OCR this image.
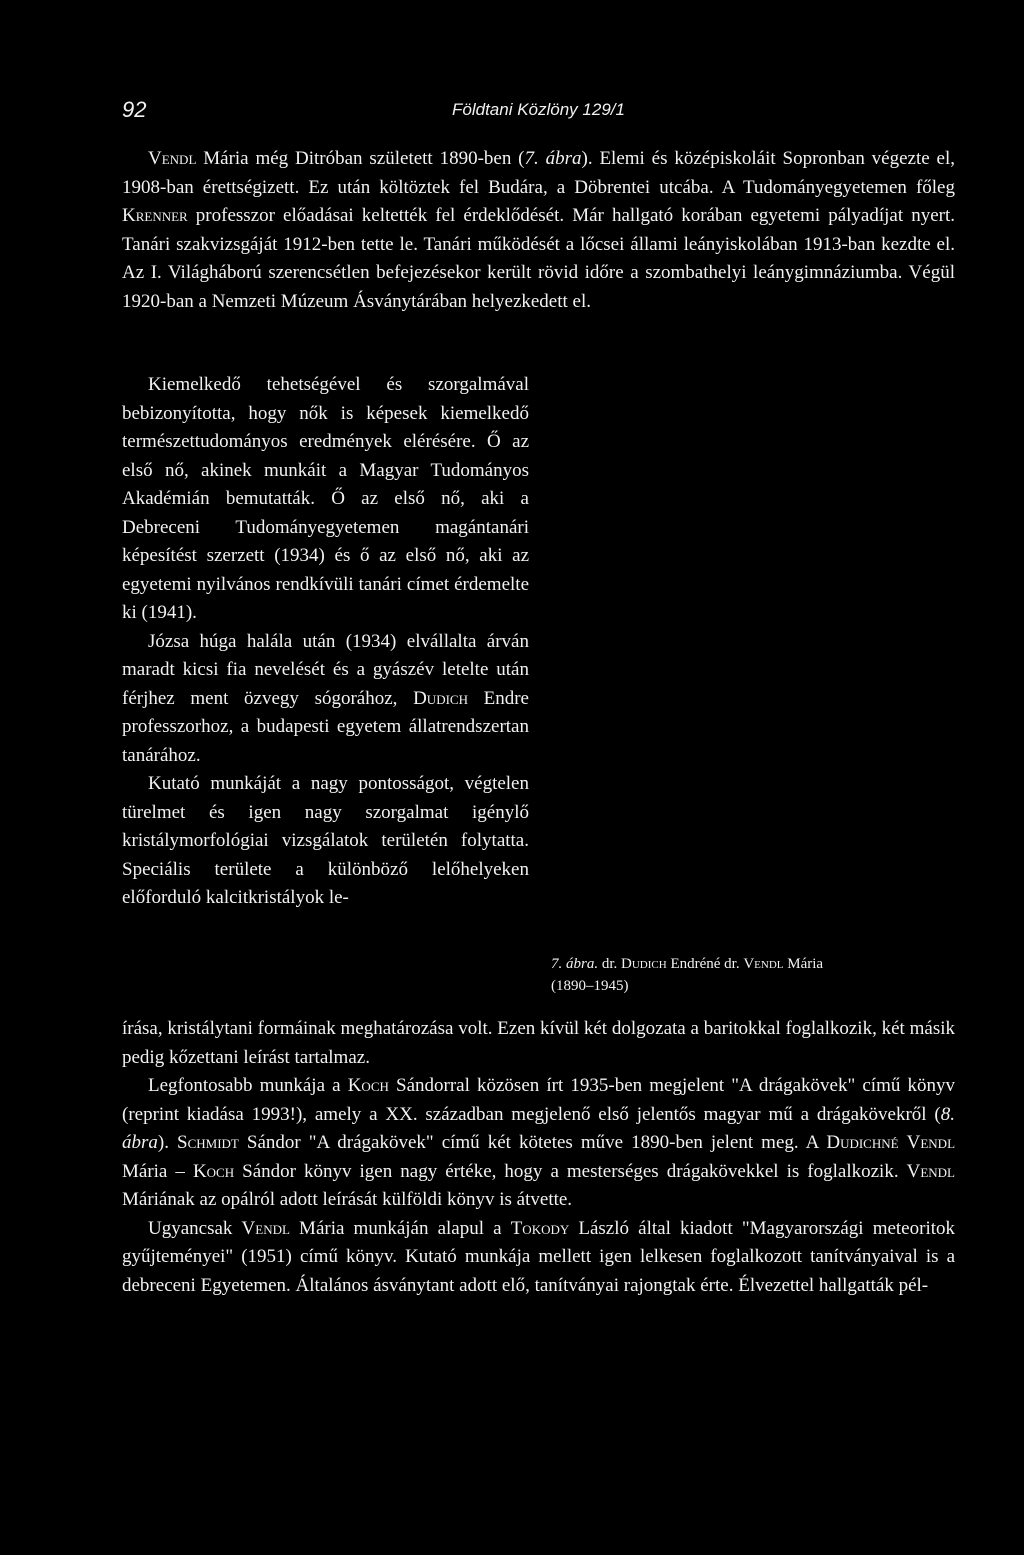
92	Földtani Közlöny 129/1

Vendl Mária még Ditróban született 1890-ben (7. ábra). Elemi és középiskoláit Sopronban végezte el, 1908-ban érettségizett. Ez után költöztek fel Budára, a Döbrentei utcába. A Tudományegyetemen főleg Krenner professzor előadásai keltették fel érdeklődését. Már hallgató korában egyetemi pályadíjat nyert. Tanári szakvizsgáját 1912-ben tette le. Tanári működését a lőcsei állami leányiskolában 1913-ban kezdte el. Az I. Világháború szerencsétlen befejezésekor került rövid időre a szombathelyi leánygimnáziumba. Végül 1920-ban a Nemzeti Múzeum Ásványtárában helyezkedett el.

Kiemelkedő tehetségével és szorgalmával bebizonyította, hogy nők is képesek kiemelkedő természettudományos eredmények elérésére. Ő az első nő, akinek munkáit a Magyar Tudományos Akadémián bemutatták. Ő az első nő, aki a Debreceni Tudományegyetemen magántanári képesítést szerzett (1934) és ő az első nő, aki az egyetemi nyilvános rendkívüli tanári címet érdemelte ki (1941).

Józsa húga halála után (1934) elvállalta árván maradt kicsi fia nevelését és a gyászév letelte után férjhez ment özvegy sógorához, Dudich Endre professzorhoz, a budapesti egyetem állatrendszertan tanárához.

Kutató munkáját a nagy pontosságot, végtelen türelmet és igen nagy szorgalmat igénylő kristálymorfológiai vizsgálatok területén folytatta. Speciális területe a különböző lelőhelyeken előforduló kalcitkristályok le-

7. ábra. dr. Dudich Endréné dr. Vendl Mária
(1890–1945)

írása, kristálytani formáinak meghatározása volt. Ezen kívül két dolgozata a baritokkal foglalkozik, két másik pedig kőzettani leírást tartalmaz.

Legfontosabb munkája a Koch Sándorral közösen írt 1935-ben megjelent "A drágakövek" című könyv (reprint kiadása 1993!), amely a XX. században megjelenő első jelentős magyar mű a drágakövekről (8. ábra). Schmidt Sándor "A drágakövek" című két kötetes műve 1890-ben jelent meg. A Dudichné Vendl Mária – Koch Sándor könyv igen nagy értéke, hogy a mesterséges drágakövekkel is foglalkozik. Vendl Máriának az opálról adott leírását külföldi könyv is átvette.

Ugyancsak Vendl Mária munkáján alapul a Tokody László által kiadott "Magyarországi meteoritok gyűjteményei" (1951) című könyv. Kutató munkája mellett igen lelkesen foglalkozott tanítványaival is a debreceni Egyetemen. Általános ásványtant adott elő, tanítványai rajongtak érte. Élvezettel hallgatták pél-
